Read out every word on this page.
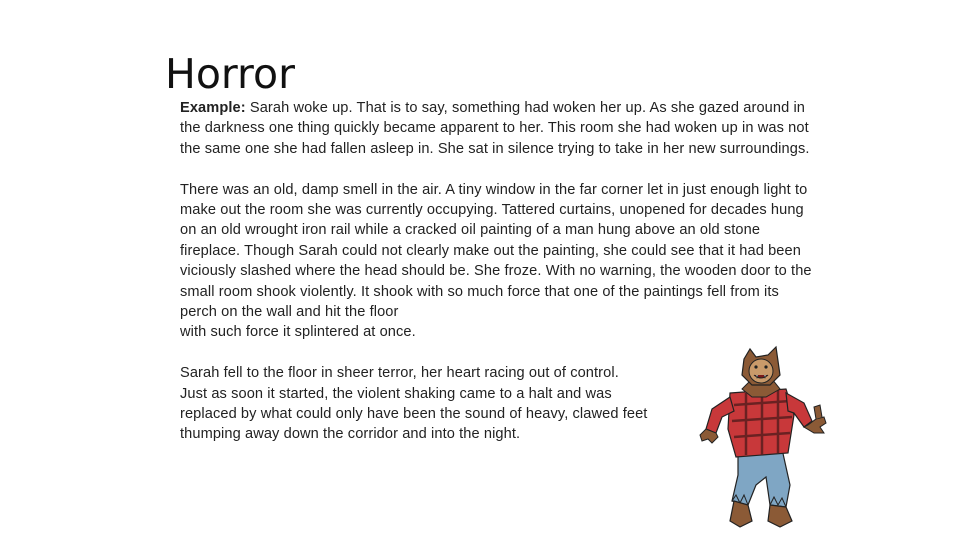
Horror

Example: Sarah woke up. That is to say, something had woken her up. As she gazed around in the darkness one thing quickly became apparent to her. This room she had woken up in was not the same one she had fallen asleep in. She sat in silence trying to take in her new surroundings.

There was an old, damp smell in the air. A tiny window in the far corner let in just enough light to make out the room she was currently occupying. Tattered curtains, unopened for decades hung on an old wrought iron rail while a cracked oil painting of a man hung above an old stone fireplace. Though Sarah could not clearly make out the painting, she could see that it had been viciously slashed where the head should be. She froze. With no warning, the wooden door to the small room shook violently. It shook with so much force that one of the paintings fell from its perch on the wall and hit the floor
with such force it splintered at once.

Sarah fell to the floor in sheer terror, her heart racing out of control.
Just as soon it started, the violent shaking came to a halt and was
replaced by what could only have been the sound of heavy, clawed feet
thumping away down the corridor and into the night.
